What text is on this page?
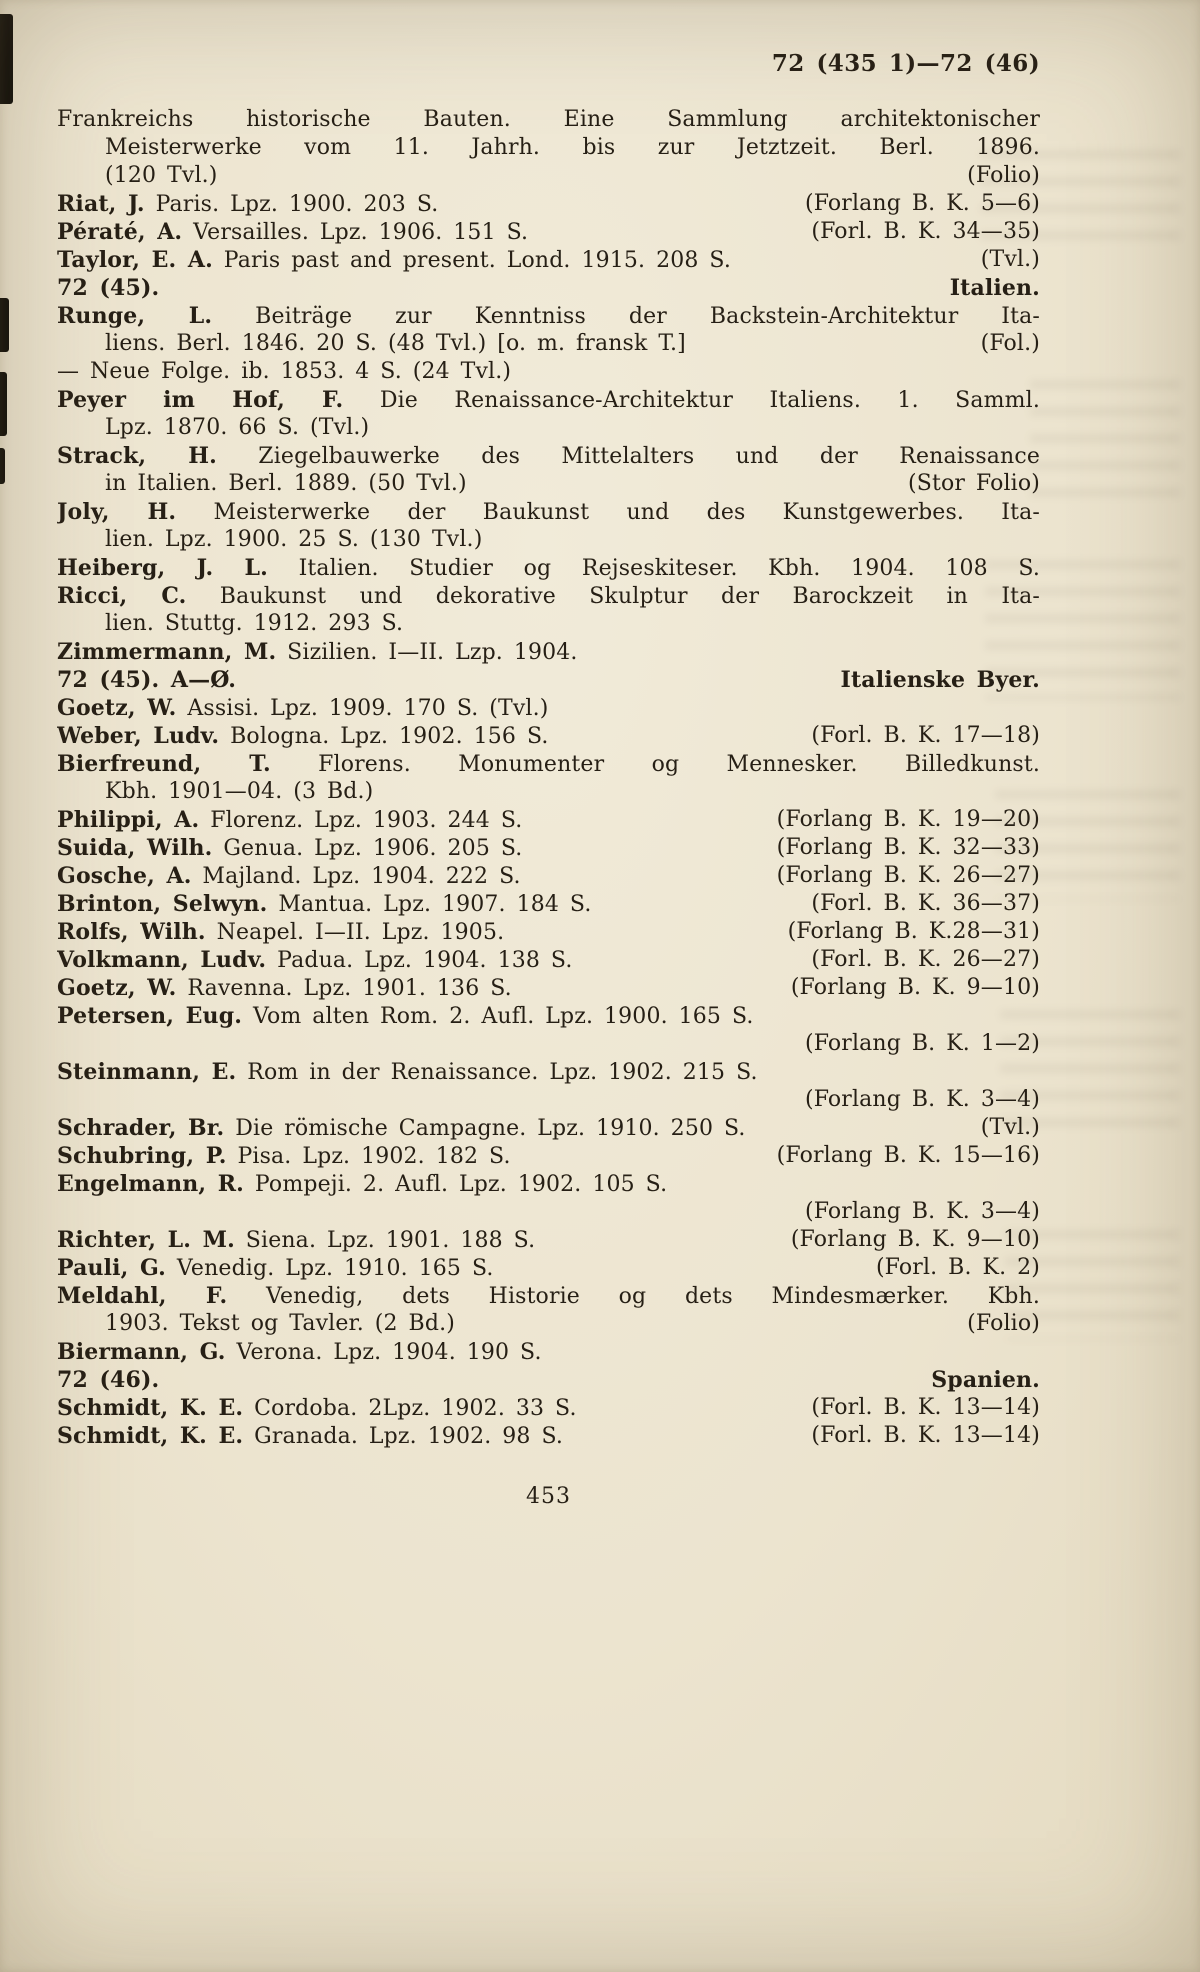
72 (435 1)—72 (46)
Frankreichs historische Bauten. Eine Sammlung architektonischer
Meisterwerke vom 11. Jahrh. bis zur Jetztzeit. Berl. 1896.
(120 Tvl.)	(Folio)
Riat, J. Paris. Lpz. 1900. 203 S.	(Forlang B. K. 5—6)
Pératé, A. Versailles. Lpz. 1906. 151 S.	(Forl. B. K. 34—35)
Taylor, E. A. Paris past and present. Lond. 1915. 208 S.	(Tvl.)
72 (45).	Italien.
Runge, L. Beiträge zur Kenntniss der Backstein-Architektur Ita-
liens. Berl. 1846. 20 S. (48 Tvl.) [o. m. fransk T.]	(Fol.)
— Neue Folge. ib. 1853. 4 S. (24 Tvl.)
Peyer im Hof, F. Die Renaissance-Architektur Italiens. 1. Samml.
Lpz. 1870. 66 S. (Tvl.)
Strack, H. Ziegelbauwerke des Mittelalters und der Renaissance
in Italien. Berl. 1889. (50 Tvl.)	(Stor Folio)
Joly, H. Meisterwerke der Baukunst und des Kunstgewerbes. Ita-
lien. Lpz. 1900. 25 S. (130 Tvl.)
Heiberg, J. L. Italien. Studier og Rejseskiteser. Kbh. 1904. 108 S.
Ricci, C. Baukunst und dekorative Skulptur der Barockzeit in Ita-
lien. Stuttg. 1912. 293 S.
Zimmermann, M. Sizilien. I—II. Lzp. 1904.
72 (45). A—Ø.	Italienske Byer.
Goetz, W. Assisi. Lpz. 1909. 170 S. (Tvl.)
Weber, Ludv. Bologna. Lpz. 1902. 156 S.	(Forl. B. K. 17—18)
Bierfreund, T. Florens. Monumenter og Mennesker. Billedkunst.
Kbh. 1901—04. (3 Bd.)
Philippi, A. Florenz. Lpz. 1903. 244 S.	(Forlang B. K. 19—20)
Suida, Wilh. Genua. Lpz. 1906. 205 S.	(Forlang B. K. 32—33)
Gosche, A. Majland. Lpz. 1904. 222 S.	(Forlang B. K. 26—27)
Brinton, Selwyn. Mantua. Lpz. 1907. 184 S.	(Forl. B. K. 36—37)
Rolfs, Wilh. Neapel. I—II. Lpz. 1905.	(Forlang B. K.28—31)
Volkmann, Ludv. Padua. Lpz. 1904. 138 S.	(Forl. B. K. 26—27)
Goetz, W. Ravenna. Lpz. 1901. 136 S.	(Forlang B. K. 9—10)
Petersen, Eug. Vom alten Rom. 2. Aufl. Lpz. 1900. 165 S.
(Forlang B. K. 1—2)
Steinmann, E. Rom in der Renaissance. Lpz. 1902. 215 S.
(Forlang B. K. 3—4)
Schrader, Br. Die römische Campagne. Lpz. 1910. 250 S.	(Tvl.)
Schubring, P. Pisa. Lpz. 1902. 182 S.	(Forlang B. K. 15—16)
Engelmann, R. Pompeji. 2. Aufl. Lpz. 1902. 105 S.
(Forlang B. K. 3—4)
Richter, L. M. Siena. Lpz. 1901. 188 S.	(Forlang B. K. 9—10)
Pauli, G. Venedig. Lpz. 1910. 165 S.	(Forl. B. K. 2)
Meldahl, F. Venedig, dets Historie og dets Mindesmærker. Kbh.
1903. Tekst og Tavler. (2 Bd.)	(Folio)
Biermann, G. Verona. Lpz. 1904. 190 S.
72 (46).	Spanien.
Schmidt, K. E. Cordoba. 2Lpz. 1902. 33 S.	(Forl. B. K. 13—14)
Schmidt, K. E. Granada. Lpz. 1902. 98 S.	(Forl. B. K. 13—14)
453
